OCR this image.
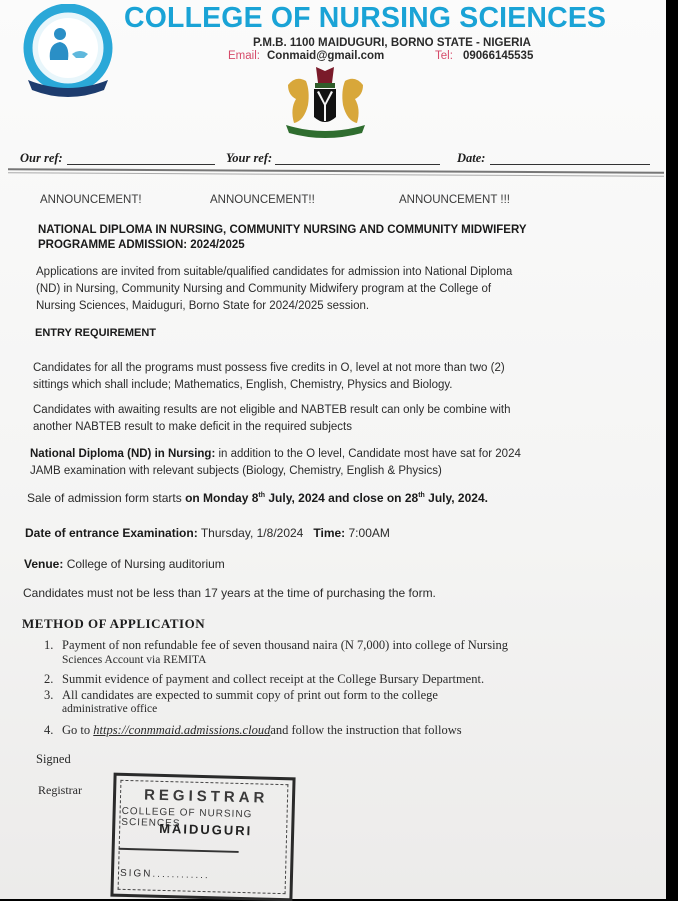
COLLEGE OF NURSING SCIENCES
P.M.B. 1100 MAIDUGURI, BORNO STATE - NIGERIA
Email: Conmaid@gmail.com	Tel: 09066145535
Our ref:	Your ref:	Date:
ANNOUNCEMENT!	ANNOUNCEMENT!!	ANNOUNCEMENT !!!
NATIONAL DIPLOMA IN NURSING, COMMUNITY NURSING AND COMMUNITY MIDWIFERY
PROGRAMME ADMISSION: 2024/2025
Applications are invited from suitable/qualified candidates for admission into National Diploma
(ND) in Nursing, Community Nursing and Community Midwifery program at the College of
Nursing Sciences, Maiduguri, Borno State for 2024/2025 session.
ENTRY REQUIREMENT
Candidates for all the programs must possess five credits in O, level at not more than two (2)
sittings which shall include; Mathematics, English, Chemistry, Physics and Biology.
Candidates with awaiting results are not eligible and NABTEB result can only be combine with
another NABTEB result to make deficit in the required subjects
National Diploma (ND) in Nursing: in addition to the O level, Candidate most have sat for 2024
JAMB examination with relevant subjects (Biology, Chemistry, English & Physics)
Sale of admission form starts on Monday 8th July, 2024 and close on 28th July, 2024.
Date of entrance Examination: Thursday, 1/8/2024 Time: 7:00AM
Venue: College of Nursing auditorium
Candidates must not be less than 17 years at the time of purchasing the form.
METHOD OF APPLICATION
1. Payment of non refundable fee of seven thousand naira (N 7,000) into college of Nursing
Sciences Account via REMITA
2. Summit evidence of payment and collect receipt at the College Bursary Department.
3. All candidates are expected to summit copy of print out form to the college
administrative office
4. Go to https://conmmaid.admissions.cloudand follow the instruction that follows
Signed
Registrar	REGISTRAR
COLLEGE OF NURSING SCIENCES
MAIDUGURI
SIGN............
